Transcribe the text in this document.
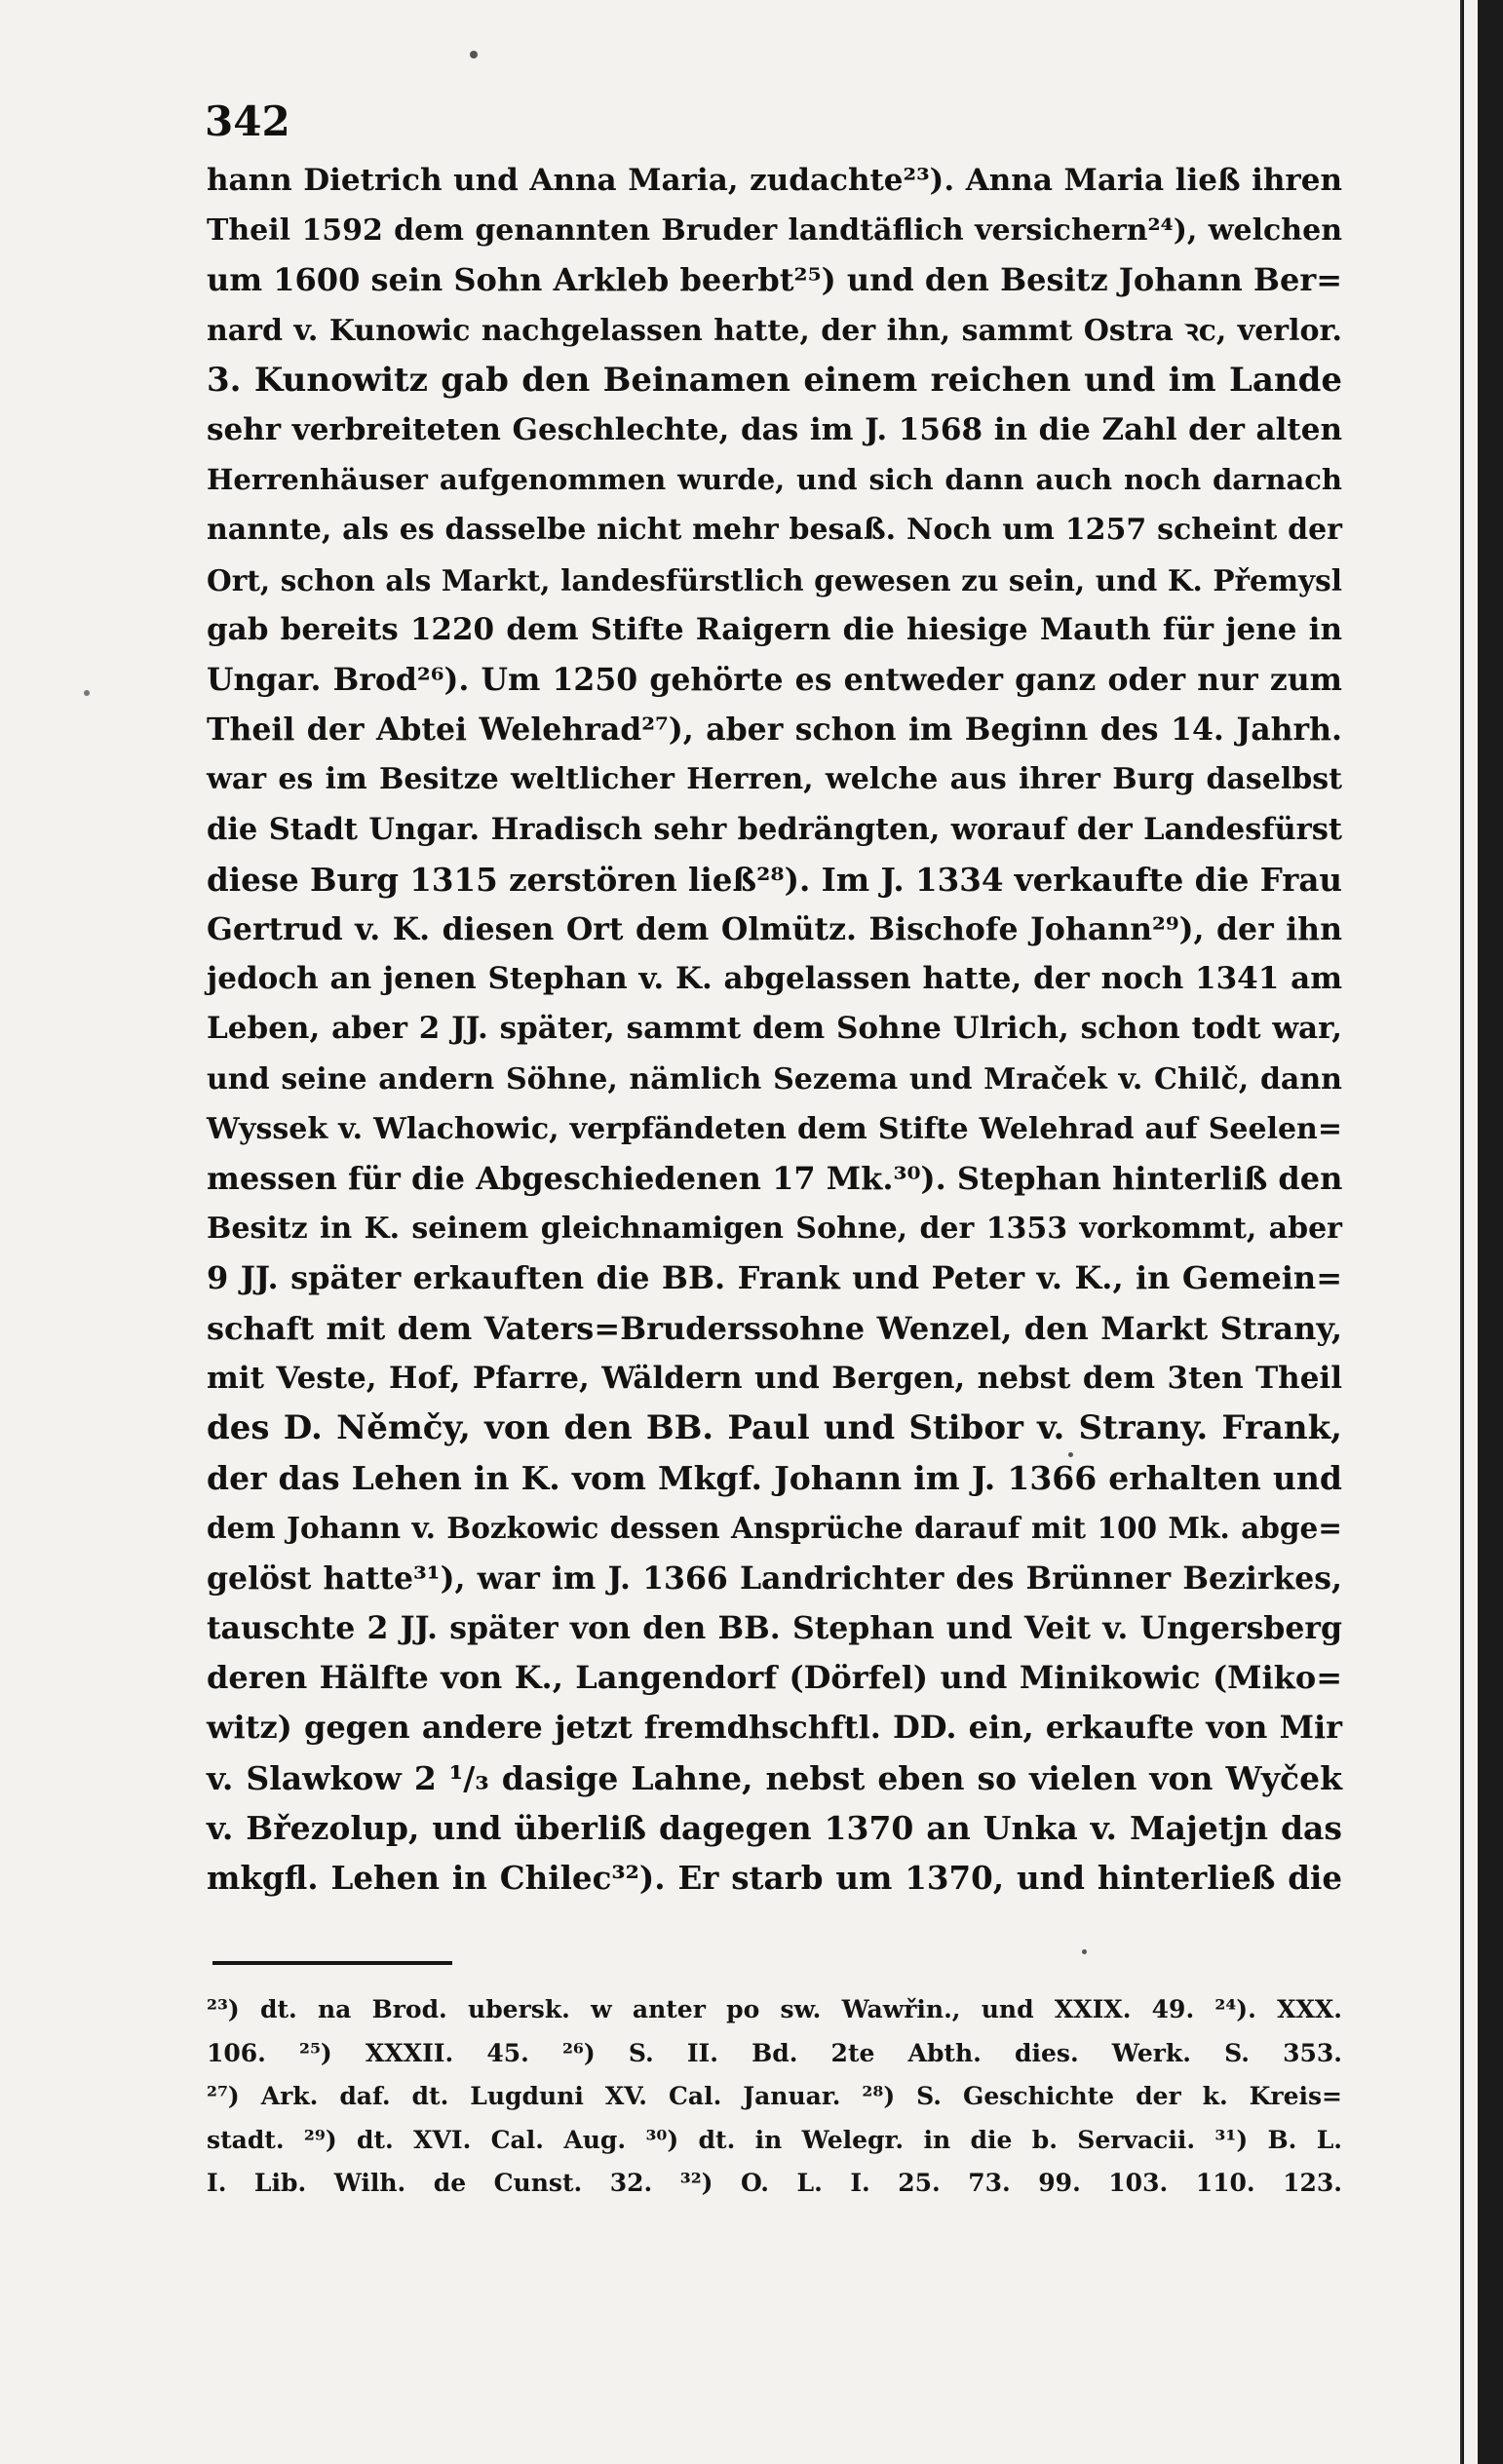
342
hann Dietrich und Anna Maria, zudachte²³). Anna Maria ließ ihren
Theil 1592 dem genannten Bruder landtäflich versichern²⁴), welchen
um 1600 sein Sohn Arkleb beerbt²⁵) und den Besitz Johann Ber=
nard v. Kunowic nachgelassen hatte, der ihn, sammt Ostra ꝛc, verlor.
3. Kunowitz gab den Beinamen einem reichen und im Lande
sehr verbreiteten Geschlechte, das im J. 1568 in die Zahl der alten
Herrenhäuser aufgenommen wurde, und sich dann auch noch darnach
nannte, als es dasselbe nicht mehr besaß. Noch um 1257 scheint der
Ort, schon als Markt, landesfürstlich gewesen zu sein, und K. Přemysl
gab bereits 1220 dem Stifte Raigern die hiesige Mauth für jene in
Ungar. Brod²⁶). Um 1250 gehörte es entweder ganz oder nur zum
Theil der Abtei Welehrad²⁷), aber schon im Beginn des 14. Jahrh.
war es im Besitze weltlicher Herren, welche aus ihrer Burg daselbst
die Stadt Ungar. Hradisch sehr bedrängten, worauf der Landesfürst
diese Burg 1315 zerstören ließ²⁸). Im J. 1334 verkaufte die Frau
Gertrud v. K. diesen Ort dem Olmütz. Bischofe Johann²⁹), der ihn
jedoch an jenen Stephan v. K. abgelassen hatte, der noch 1341 am
Leben, aber 2 JJ. später, sammt dem Sohne Ulrich, schon todt war,
und seine andern Söhne, nämlich Sezema und Mraček v. Chilč, dann
Wyssek v. Wlachowic, verpfändeten dem Stifte Welehrad auf Seelen=
messen für die Abgeschiedenen 17 Mk.³⁰). Stephan hinterliß den
Besitz in K. seinem gleichnamigen Sohne, der 1353 vorkommt, aber
9 JJ. später erkauften die BB. Frank und Peter v. K., in Gemein=
schaft mit dem Vaters=Bruderssohne Wenzel, den Markt Strany,
mit Veste, Hof, Pfarre, Wäldern und Bergen, nebst dem 3ten Theil
des D. Němčy, von den BB. Paul und Stibor v. Strany. Frank,
der das Lehen in K. vom Mkgf. Johann im J. 1366 erhalten und
dem Johann v. Bozkowic dessen Ansprüche darauf mit 100 Mk. abge=
gelöst hatte³¹), war im J. 1366 Landrichter des Brünner Bezirkes,
tauschte 2 JJ. später von den BB. Stephan und Veit v. Ungersberg
deren Hälfte von K., Langendorf (Dörfel) und Minikowic (Miko=
witz) gegen andere jetzt fremdhschftl. DD. ein, erkaufte von Mir
v. Slawkow 2 ¹/₃ dasige Lahne, nebst eben so vielen von Wyček
v. Březolup, und überliß dagegen 1370 an Unka v. Majetjn das
mkgfl. Lehen in Chilec³²). Er starb um 1370, und hinterließ die
²³) dt. na Brod. ubersk. w anter po sw. Wawřin., und XXIX. 49. ²⁴). XXX.
106. ²⁵) XXXII. 45. ²⁶) S. II. Bd. 2te Abth. dies. Werk. S. 353.
²⁷) Ark. daf. dt. Lugduni XV. Cal. Januar. ²⁸) S. Geschichte der k. Kreis=
stadt. ²⁹) dt. XVI. Cal. Aug. ³⁰) dt. in Welegr. in die b. Servacii. ³¹) B. L.
I. Lib. Wilh. de Cunst. 32. ³²) O. L. I. 25. 73. 99. 103. 110. 123.
